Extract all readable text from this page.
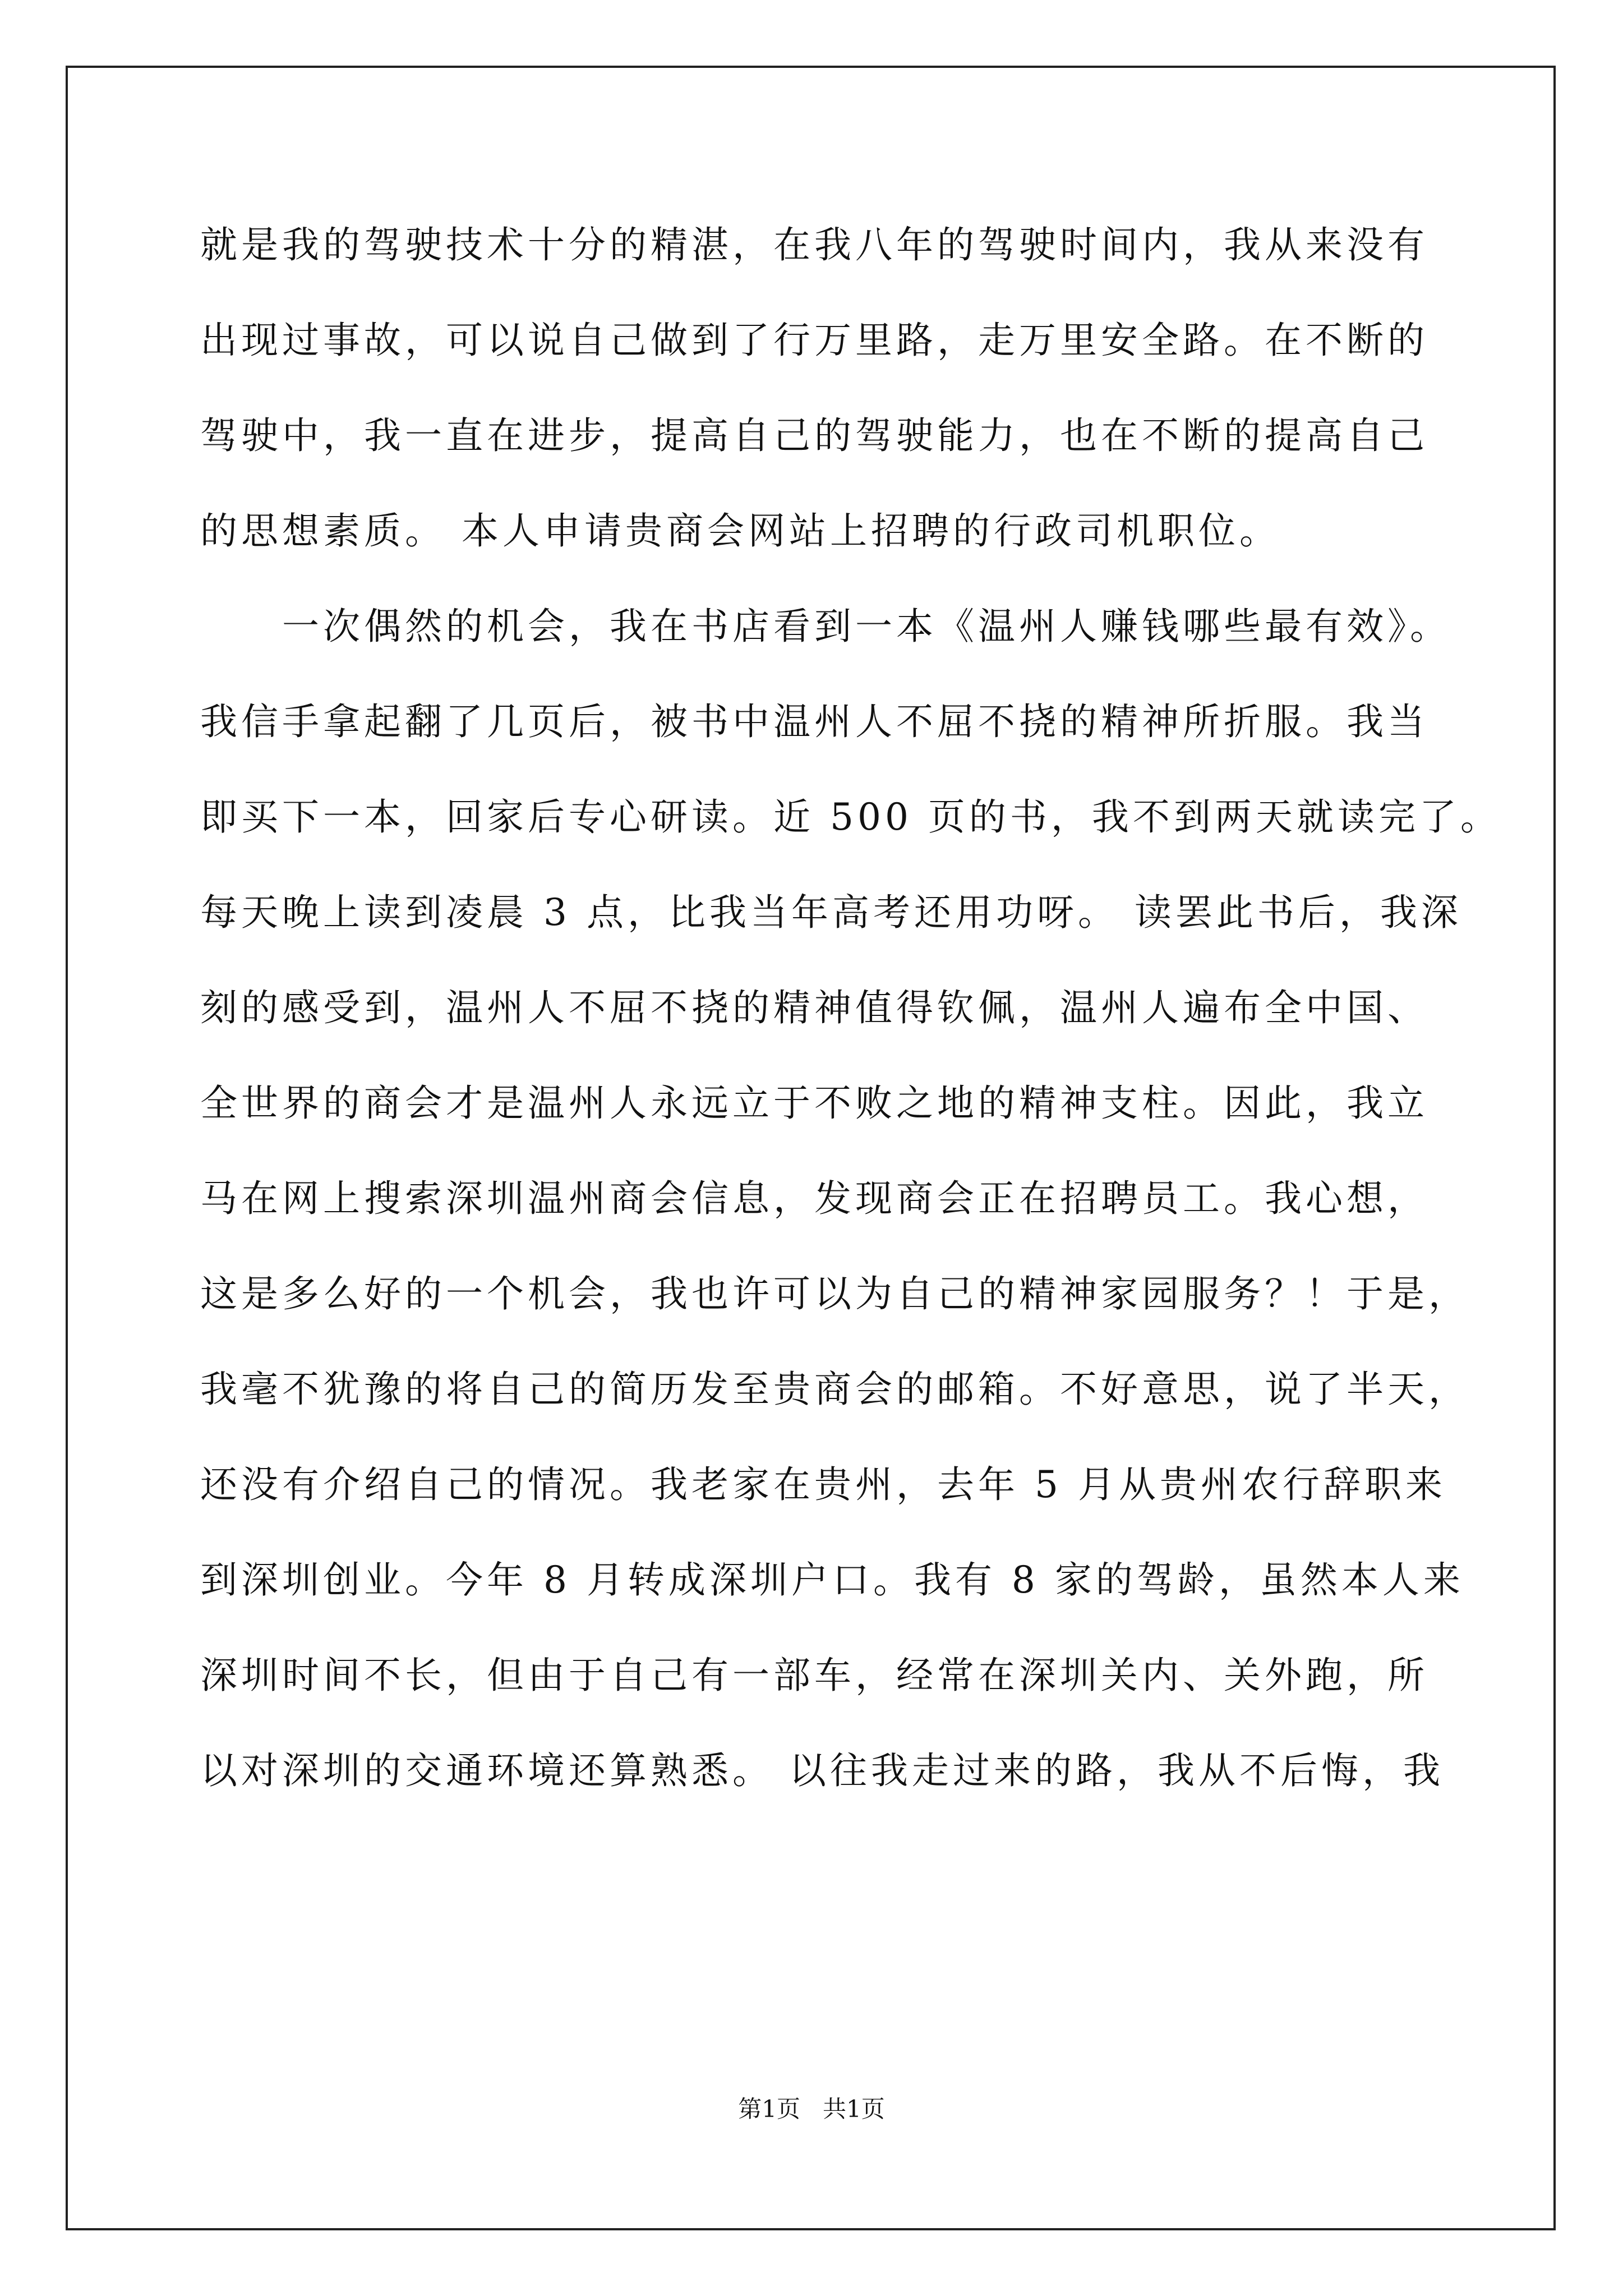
就是我的驾驶技术十分的精湛，在我八年的驾驶时间内，我从来没有
出现过事故，可以说自己做到了行万里路，走万里安全路。在不断的
驾驶中，我一直在进步，提高自己的驾驶能力，也在不断的提高自己
的思想素质。 本人申请贵商会网站上招聘的行政司机职位。
　　一次偶然的机会，我在书店看到一本《温州人赚钱哪些最有效》。
我信手拿起翻了几页后，被书中温州人不屈不挠的精神所折服。我当
即买下一本，回家后专心研读。近 500 页的书，我不到两天就读完了。
每天晚上读到凌晨 3 点，比我当年高考还用功呀。 读罢此书后，我深
刻的感受到，温州人不屈不挠的精神值得钦佩，温州人遍布全中国、
全世界的商会才是温州人永远立于不败之地的精神支柱。因此，我立
马在网上搜索深圳温州商会信息，发现商会正在招聘员工。我心想，
这是多么好的一个机会，我也许可以为自己的精神家园服务？！于是，
我毫不犹豫的将自己的简历发至贵商会的邮箱。不好意思，说了半天，
还没有介绍自己的情况。我老家在贵州，去年 5 月从贵州农行辞职来
到深圳创业。今年 8 月转成深圳户口。我有 8 家的驾龄，虽然本人来
深圳时间不长，但由于自己有一部车，经常在深圳关内、关外跑，所
以对深圳的交通环境还算熟悉。 以往我走过来的路，我从不后悔，我
第1页   共1页
